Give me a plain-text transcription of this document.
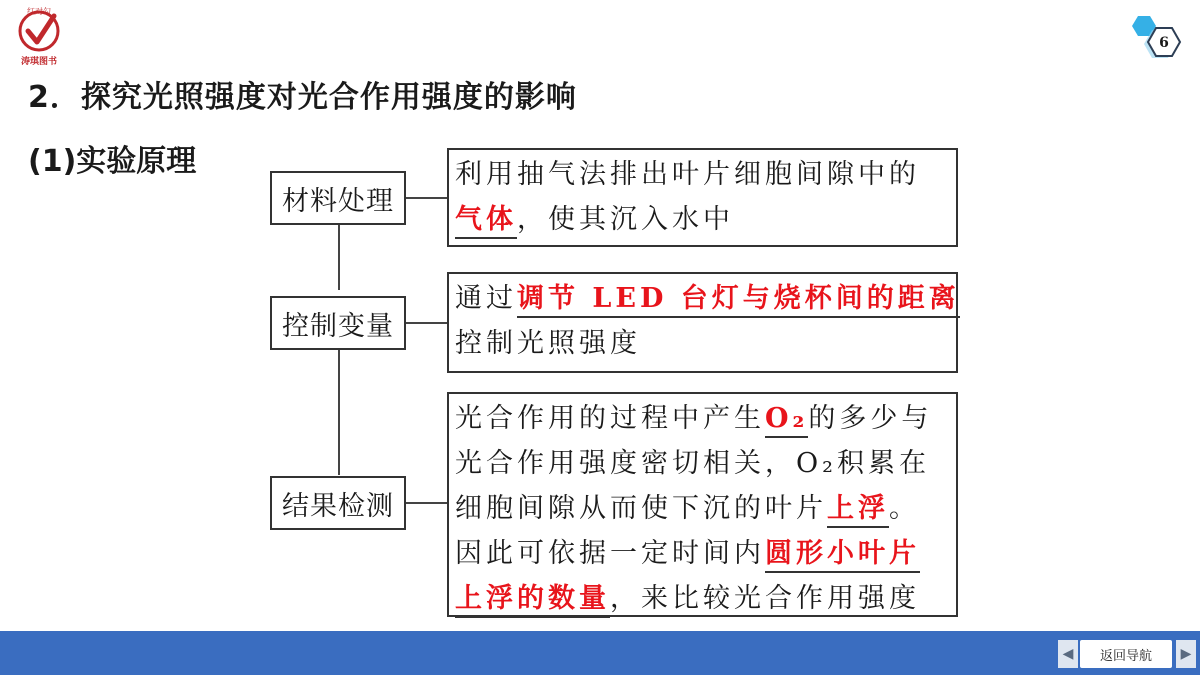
红对勾
涛琪图书
6
2．探究光照强度对光合作用强度的影响
(1)实验原理
材料处理
控制变量
结果检测
利用抽气法排出叶片细胞间隙中的
气体，使其沉入水中
通过调节 LED 台灯与烧杯间的距离
控制光照强度
光合作用的过程中产生O₂的多少与
光合作用强度密切相关，O₂积累在
细胞间隙从而使下沉的叶片上浮。
因此可依据一定时间内圆形小叶片
上浮的数量，来比较光合作用强度
◀	返回导航	▶
